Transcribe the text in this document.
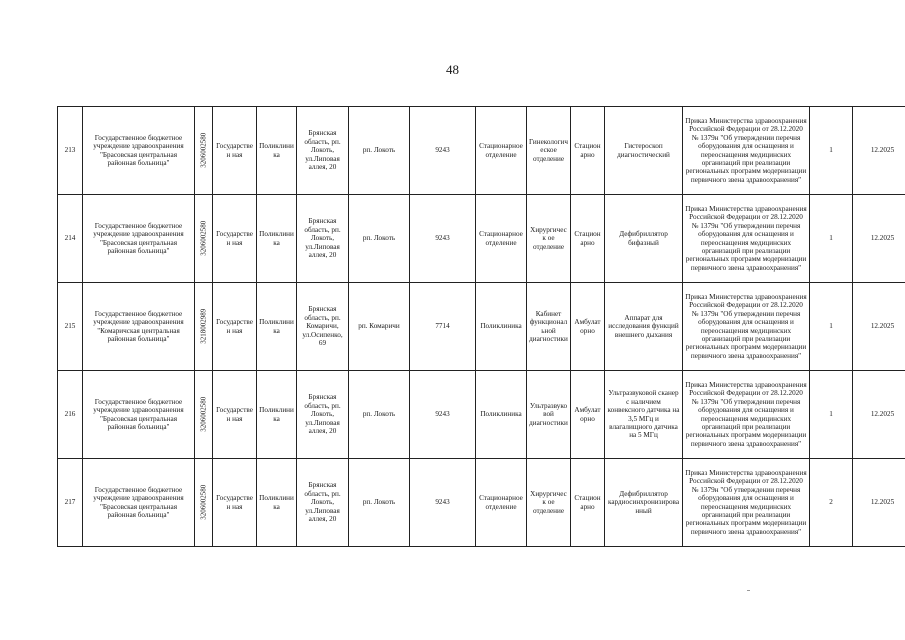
48
213	Государственное бюджетное учреждение здравоохранения "Брасовская центральная районная больница"	3206002580	Государствен ная	Поликлини ка	Брянская область, рп. Локоть, ул.Липовая аллея, 20	рп. Локоть	9243	Стационарное отделение	Гинекологич еское отделение	Стацион арно	Гистероскоп диагностический	Приказ Министерства здравоохранения Российской Федерации от 28.12.2020 № 1379н "Об утверждении перечня оборудования для оснащения и переоснащения медицинских организаций при реализации региональных программ модернизации первичного звена здравоохранения"	1	12.2025
214	Государственное бюджетное учреждение здравоохранения "Брасовская центральная районная больница"	3206002580	Государствен ная	Поликлини ка	Брянская область, рп. Локоть, ул.Липовая аллея, 20	рп. Локоть	9243	Стационарное отделение	Хирургическ ое отделение	Стацион арно	Дефибриллятор бифазный	Приказ Министерства здравоохранения Российской Федерации от 28.12.2020 № 1379н "Об утверждении перечня оборудования для оснащения и переоснащения медицинских организаций при реализации региональных программ модернизации первичного звена здравоохранения"	1	12.2025
215	Государственное бюджетное учреждение здравоохранения "Комаричская центральная районная больница"	3218002989	Государствен ная	Поликлини ка	Брянская область, рп. Комаричи, ул.Осипенко, 69	рп. Комаричи	7714	Поликлиника	Кабинет функционал ьной диагностики	Амбулат орно	Аппарат для исследования функций внешнего дыхания	Приказ Министерства здравоохранения Российской Федерации от 28.12.2020 № 1379н "Об утверждении перечня оборудования для оснащения и переоснащения медицинских организаций при реализации региональных программ модернизации первичного звена здравоохранения"	1	12.2025
216	Государственное бюджетное учреждение здравоохранения "Брасовская центральная районная больница"	3206002580	Государствен ная	Поликлини ка	Брянская область, рп. Локоть, ул.Липовая аллея, 20	рп. Локоть	9243	Поликлиника	Ультразвуко вой диагностики	Амбулат орно	Ультразвуковой сканер с наличием конвексного датчика на 3,5 МГц и влагалищного датчика на 5 МГц	Приказ Министерства здравоохранения Российской Федерации от 28.12.2020 № 1379н "Об утверждении перечня оборудования для оснащения и переоснащения медицинских организаций при реализации региональных программ модернизации первичного звена здравоохранения"	1	12.2025
217	Государственное бюджетное учреждение здравоохранения "Брасовская центральная районная больница"	3206002580	Государствен ная	Поликлини ка	Брянская область, рп. Локоть, ул.Липовая аллея, 20	рп. Локоть	9243	Стационарное отделение	Хирургическ ое отделение	Стацион арно	Дефибриллятор кардиосинхронизирова нный	Приказ Министерства здравоохранения Российской Федерации от 28.12.2020 № 1379н "Об утверждении перечня оборудования для оснащения и переоснащения медицинских организаций при реализации региональных программ модернизации первичного звена здравоохранения"	2	12.2025
